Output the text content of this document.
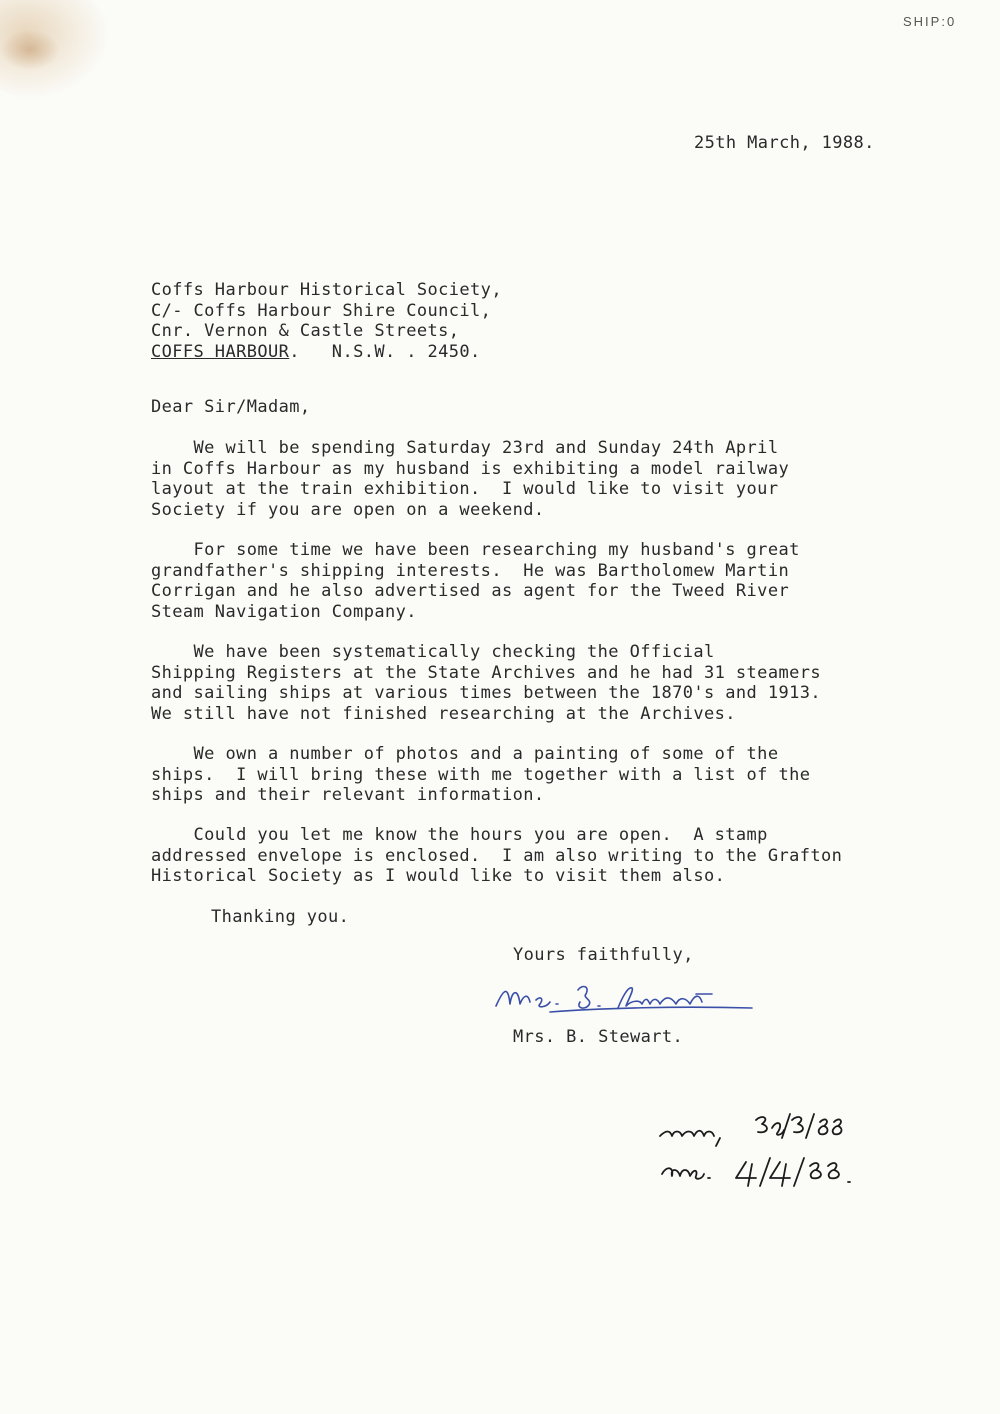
SHIP:0

25th March, 1988.

Coffs Harbour Historical Society,
C/- Coffs Harbour Shire Council,
Cnr. Vernon & Castle Streets,
COFFS HARBOUR.   N.S.W. . 2450.

Dear Sir/Madam,

We will be spending Saturday 23rd and Sunday 24th April
in Coffs Harbour as my husband is exhibiting a model railway
layout at the train exhibition.  I would like to visit your
Society if you are open on a weekend.

For some time we have been researching my husband's great
grandfather's shipping interests.  He was Bartholomew Martin
Corrigan and he also advertised as agent for the Tweed River
Steam Navigation Company.

We have been systematically checking the Official
Shipping Registers at the State Archives and he had 31 steamers
and sailing ships at various times between the 1870's and 1913.
We still have not finished researching at the Archives.

We own a number of photos and a painting of some of the
ships.  I will bring these with me together with a list of the
ships and their relevant information.

Could you let me know the hours you are open.  A stamp
addressed envelope is enclosed.  I am also writing to the Grafton
Historical Society as I would like to visit them also.

Thanking you.

Yours faithfully,

Mrs. B. Stewart.
